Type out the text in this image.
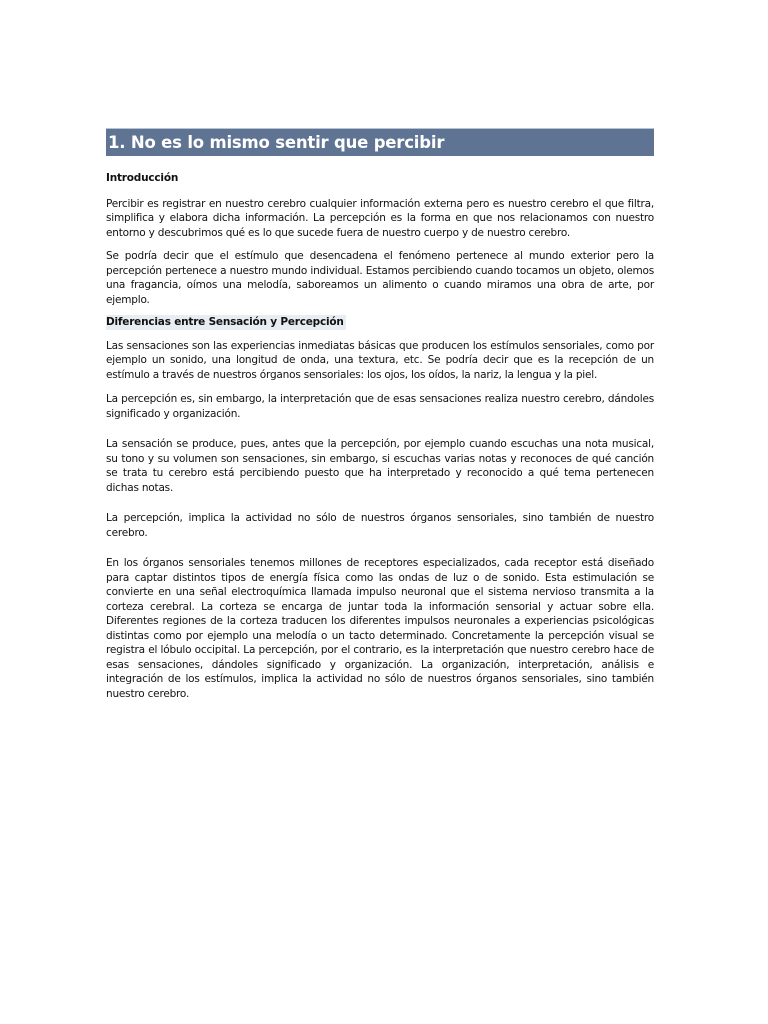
1. No es lo mismo sentir que percibir
Introducción

Percibir es registrar en nuestro cerebro cualquier información externa pero es nuestro cerebro el que filtra, simplifica y elabora dicha información. La percepción es la forma en que nos relacionamos con nuestro entorno y descubrimos qué es lo que sucede fuera de nuestro cuerpo y de nuestro cerebro.

Se podría decir que el estímulo que desencadena el fenómeno pertenece al mundo exterior pero la percepción pertenece a nuestro mundo individual. Estamos percibiendo cuando tocamos un objeto, olemos una fragancia, oímos una melodía, saboreamos un alimento o cuando miramos una obra de arte, por ejemplo.

Diferencias entre Sensación y Percepción

Las sensaciones son las experiencias inmediatas básicas que producen los estímulos sensoriales, como por ejemplo un sonido, una longitud de onda, una textura, etc. Se podría decir que es la recepción de un estímulo a través de nuestros órganos sensoriales: los ojos, los oídos, la nariz, la lengua y la piel.

La percepción es, sin embargo, la interpretación que de esas sensaciones realiza nuestro cerebro, dándoles significado y organización.

La sensación se produce, pues, antes que la percepción, por ejemplo cuando escuchas una nota musical, su tono y su volumen son sensaciones, sin embargo, si escuchas varias notas y reconoces de qué canción se trata tu cerebro está percibiendo puesto que ha interpretado y reconocido a qué tema pertenecen dichas notas.

La percepción, implica la actividad no sólo de nuestros órganos sensoriales, sino también de nuestro cerebro.

En los órganos sensoriales tenemos millones de receptores especializados, cada receptor está diseñado para captar distintos tipos de energía física como las ondas de luz o de sonido. Esta estimulación se convierte en una señal electroquímica llamada impulso neuronal que el sistema nervioso transmita a la corteza cerebral. La corteza se encarga de juntar toda la información sensorial y actuar sobre ella. Diferentes regiones de la corteza traducen los diferentes impulsos neuronales a experiencias psicológicas distintas como por ejemplo una melodía o un tacto determinado. Concretamente la percepción visual se registra el lóbulo occipital. La percepción, por el contrario, es la interpretación que nuestro cerebro hace de esas sensaciones, dándoles significado y organización. La organización, interpretación, análisis e integración de los estímulos, implica la actividad no sólo de nuestros órganos sensoriales, sino también nuestro cerebro.
